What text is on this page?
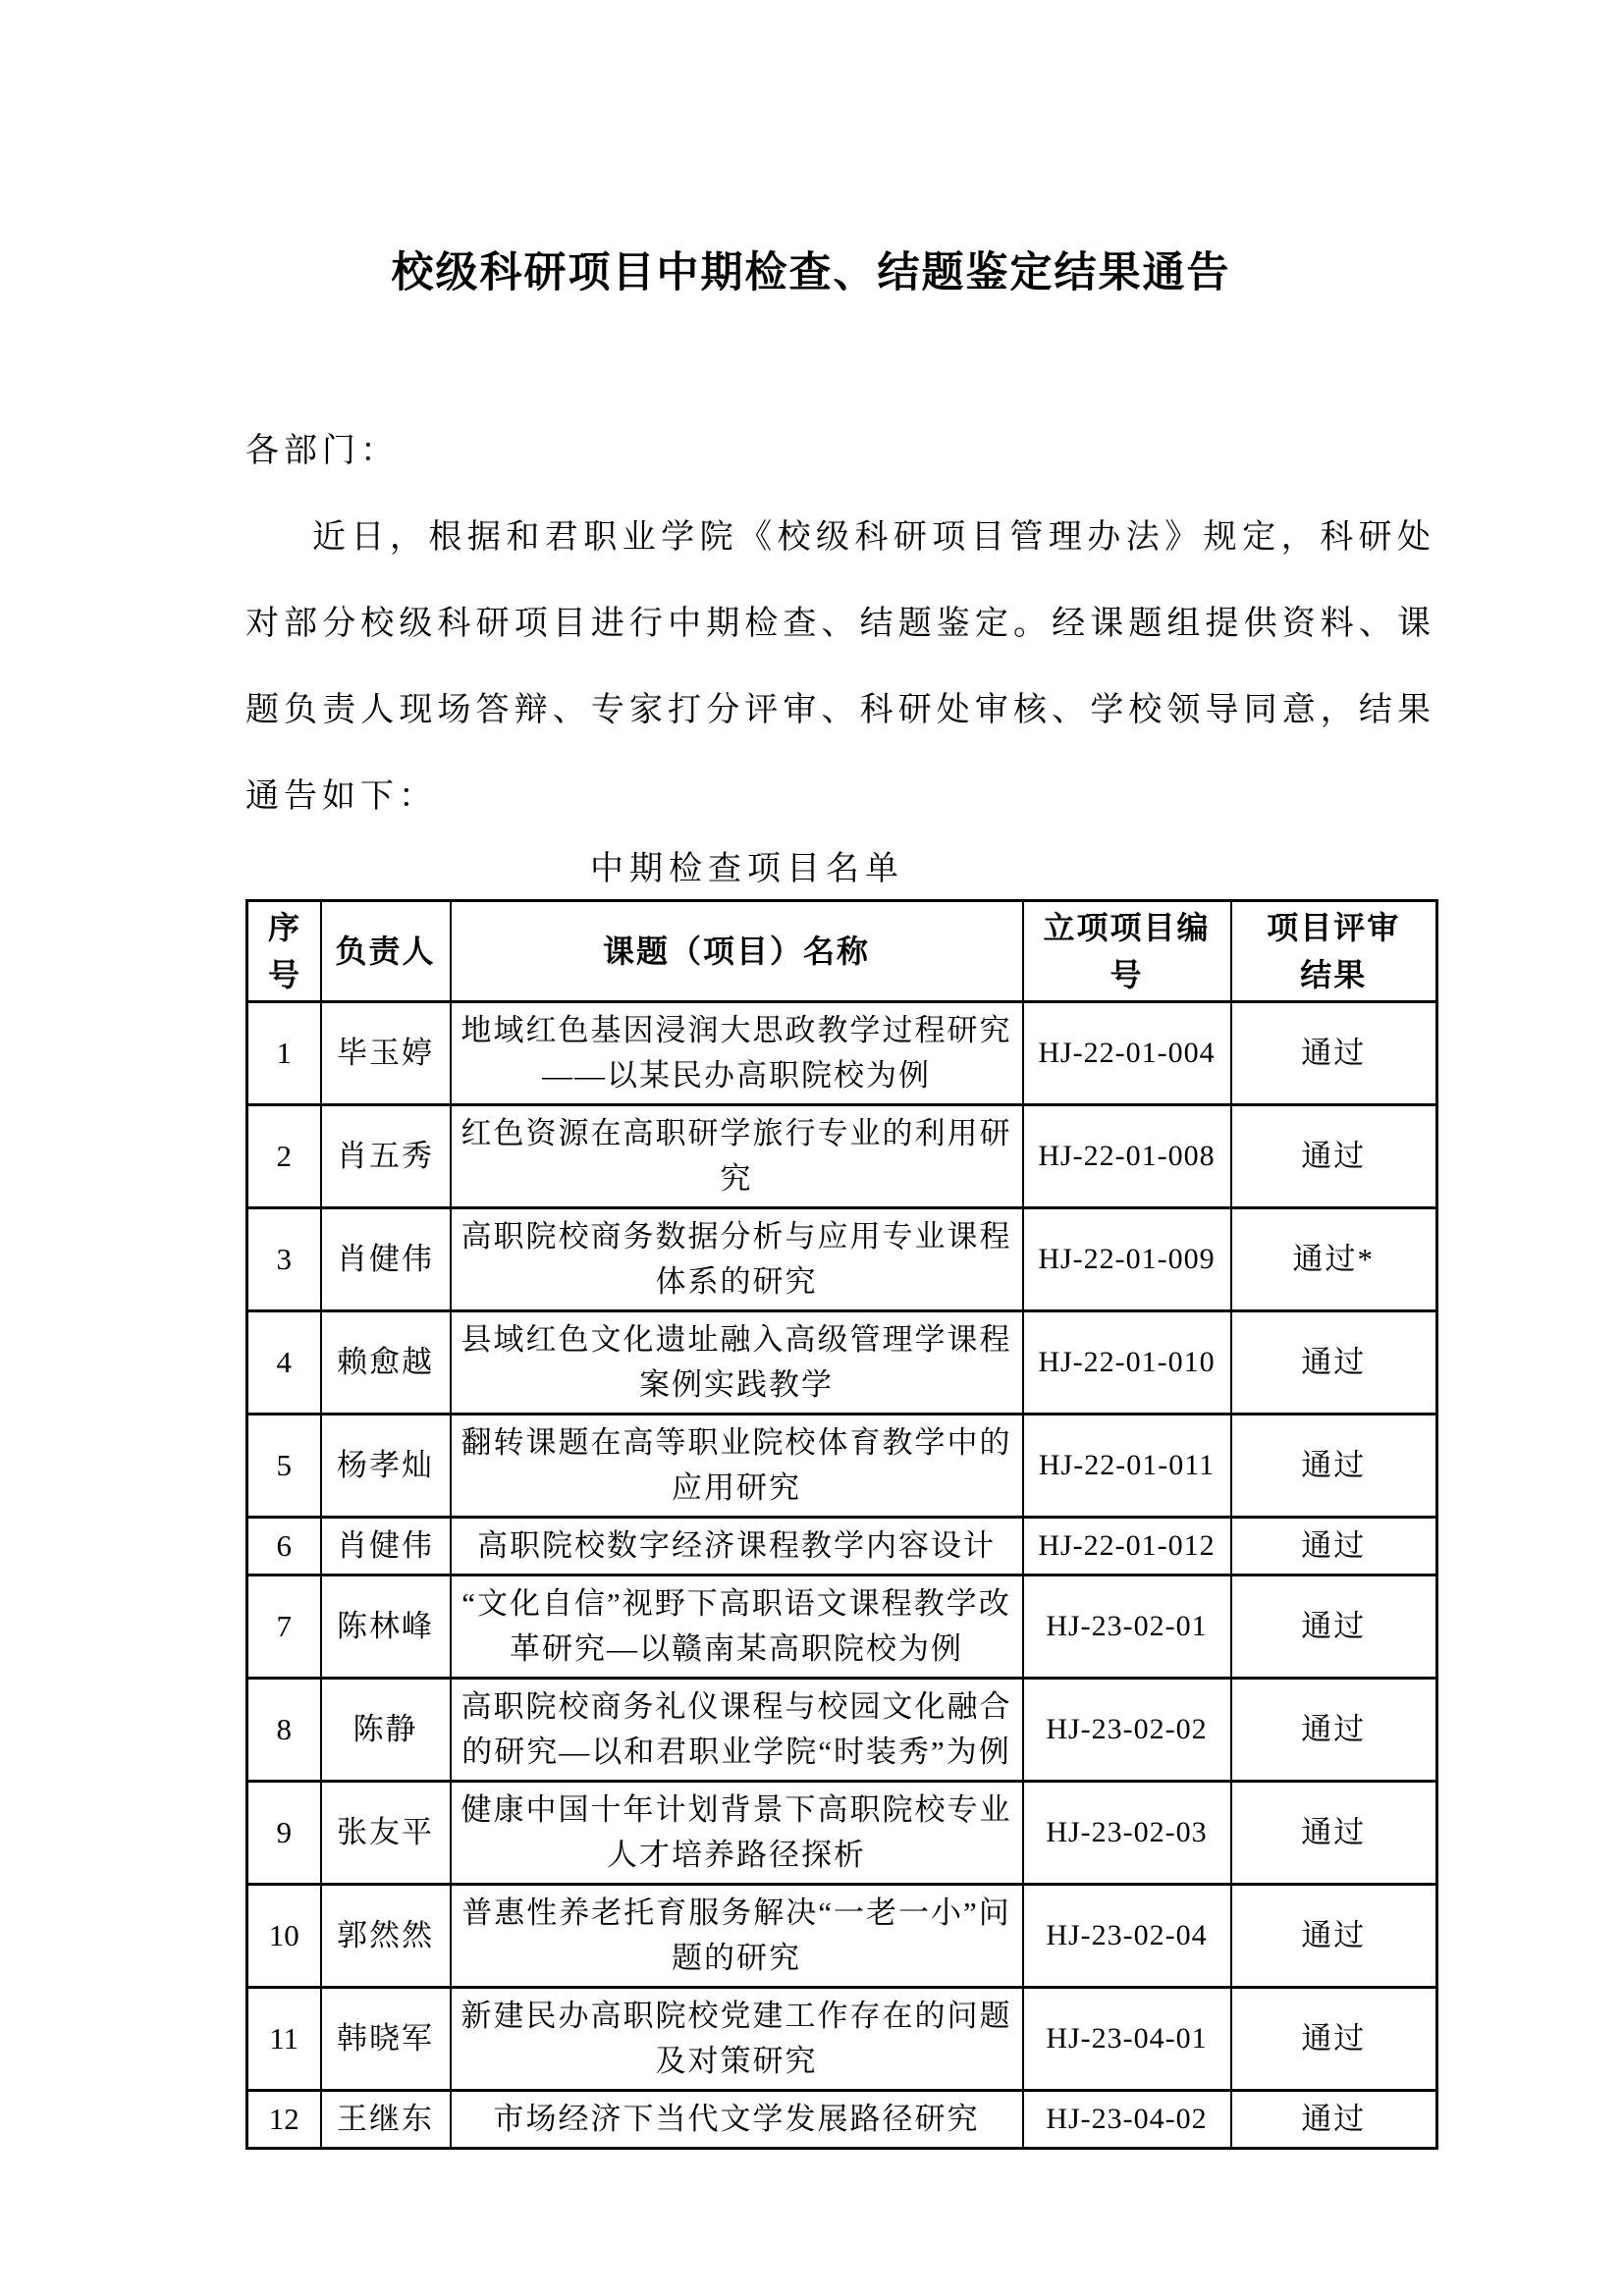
校级科研项目中期检查、结题鉴定结果通告
各部门：

近日，根据和君职业学院《校级科研项目管理办法》规定，科研处对部分校级科研项目进行中期检查、结题鉴定。经课题组提供资料、课题负责人现场答辩、专家打分评审、科研处审核、学校领导同意，结果通告如下：

中期检查项目名单
序号	负责人	课题（项目）名称	立项项目编号	项目评审结果
1	毕玉婷	地域红色基因浸润大思政教学过程研究——以某民办高职院校为例	HJ-22-01-004	通过
2	肖五秀	红色资源在高职研学旅行专业的利用研究	HJ-22-01-008	通过
3	肖健伟	高职院校商务数据分析与应用专业课程体系的研究	HJ-22-01-009	通过*
4	赖愈越	县域红色文化遗址融入高级管理学课程案例实践教学	HJ-22-01-010	通过
5	杨孝灿	翻转课题在高等职业院校体育教学中的应用研究	HJ-22-01-011	通过
6	肖健伟	高职院校数字经济课程教学内容设计	HJ-22-01-012	通过
7	陈林峰	“文化自信”视野下高职语文课程教学改革研究—以赣南某高职院校为例	HJ-23-02-01	通过
8	陈静	高职院校商务礼仪课程与校园文化融合的研究—以和君职业学院“时装秀”为例	HJ-23-02-02	通过
9	张友平	健康中国十年计划背景下高职院校专业人才培养路径探析	HJ-23-02-03	通过
10	郭然然	普惠性养老托育服务解决“一老一小”问题的研究	HJ-23-02-04	通过
11	韩晓军	新建民办高职院校党建工作存在的问题及对策研究	HJ-23-04-01	通过
12	王继东	市场经济下当代文学发展路径研究	HJ-23-04-02	通过
